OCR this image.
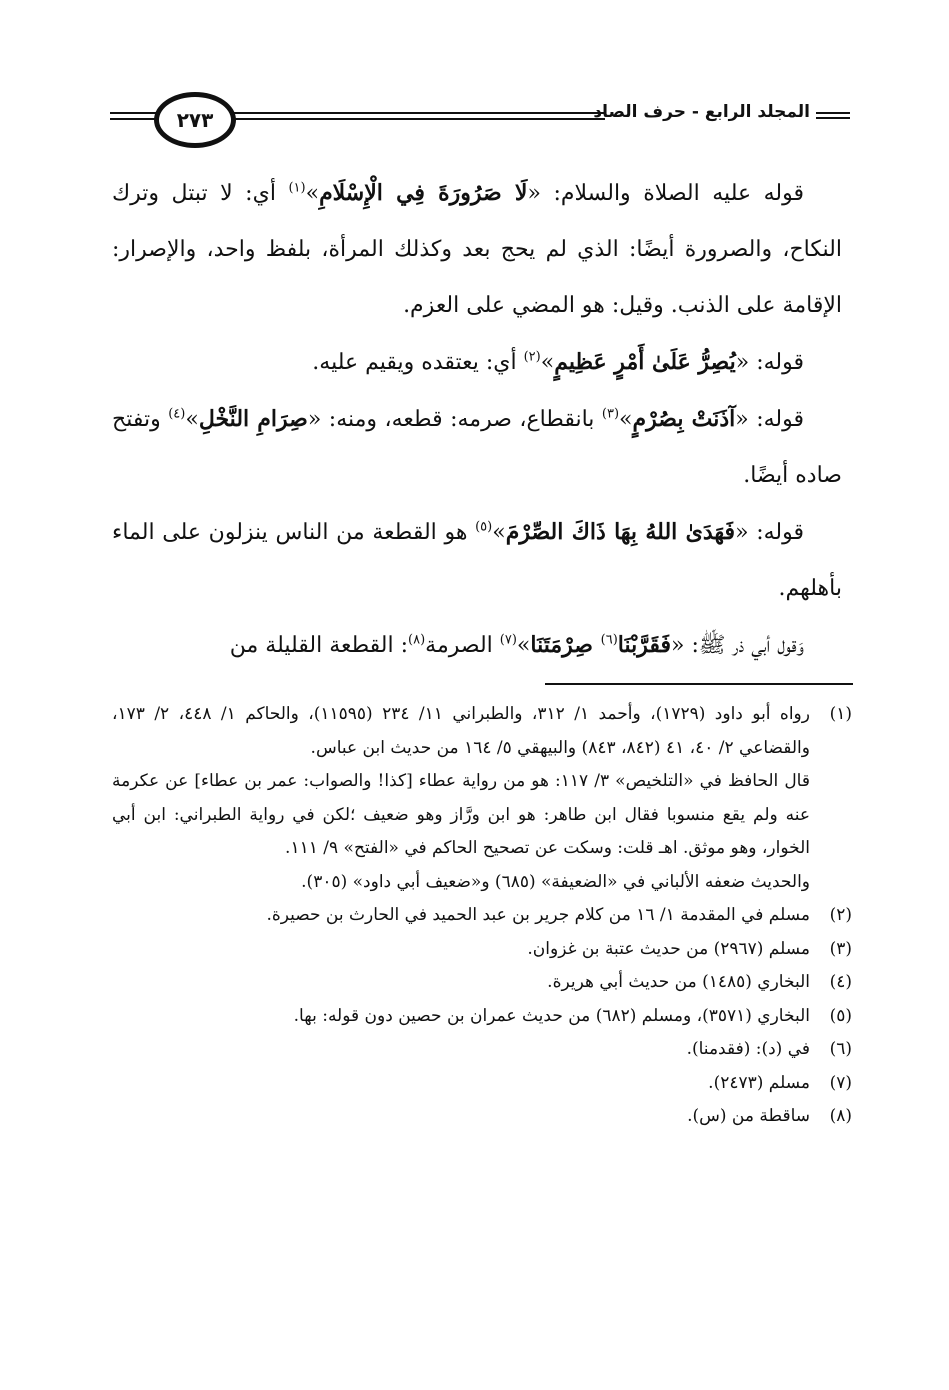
المجلد الرابع - حرف الصاد
٢٧٣

قوله عليه الصلاة والسلام: «لَا صَرُورَةَ فِي الْإِسْلَامِ»$^{(١)}$ أي: لا تبتل وترك النكاح، والصرورة أيضًا: الذي لم يحج بعد وكذلك المرأة، بلفظ واحد، والإصرار: الإقامة على الذنب. وقيل: هو المضي على العزم.

قوله: «يُصِرُّ عَلَىٰ أَمْرٍ عَظِيمٍ»$^{(٢)}$ أي: يعتقده ويقيم عليه.

قوله: «آذَنَتْ بِصُرْمٍ»$^{(٣)}$ بانقطاع، صرمه: قطعه، ومنه: «صِرَامِ النَّخْلِ»$^{(٤)}$ وتفتح صاده أيضًا.

قوله: «فَهَدَىٰ اللهُ بِهَا ذَاكَ الصِّرْمَ»$^{(٥)}$ هو القطعة من الناس ينزلون على الماء بأهلهم.

وَقول أبي ذر ﷺ: «فَقَرَّبْنَا$^{(٦)}$ صِرْمَتَنَا»$^{(٧)}$ الصرمة$^{(٨)}$: القطعة القليلة من

(١)
رواه أبو داود (١٧٢٩)، وأحمد ١/ ٣١٢، والطبراني ١١/ ٢٣٤ (١١٥٩٥)، والحاكم ١/ ٤٤٨، ٢/ ١٧٣، والقضاعي ٢/ ٤٠، ٤١ (٨٤٢، ٨٤٣) والبيهقي ٥/ ١٦٤ من حديث ابن عباس.
قال الحافظ في «التلخيص» ٣/ ١١٧: هو من رواية عطاء [كذا! والصواب: عمر بن عطاء] عن عكرمة عنه ولم يقع منسوبا فقال ابن طاهر: هو ابن ورَّاز وهو ضعيف ؛لكن في رواية الطبراني: ابن أبي الخوار، وهو موثق. اهـ قلت: وسكت عن تصحيح الحاكم في «الفتح» ٩/ ١١١.
والحديث ضعفه الألباني في «الضعيفة» (٦٨٥) و«ضعيف أبي داود» (٣٠٥).
(٢)
مسلم في المقدمة ١/ ١٦ من كلام جرير بن عبد الحميد في الحارث بن حصيرة.
(٣)
مسلم (٢٩٦٧) من حديث عتبة بن غزوان.
(٤)
البخاري (١٤٨٥) من حديث أبي هريرة.
(٥)
البخاري (٣٥٧١)، ومسلم (٦٨٢) من حديث عمران بن حصين دون قوله: بها.
(٦)
في (د): (فقدمنا).
(٧)
مسلم (٢٤٧٣).
(٨)
ساقطة من (س).
